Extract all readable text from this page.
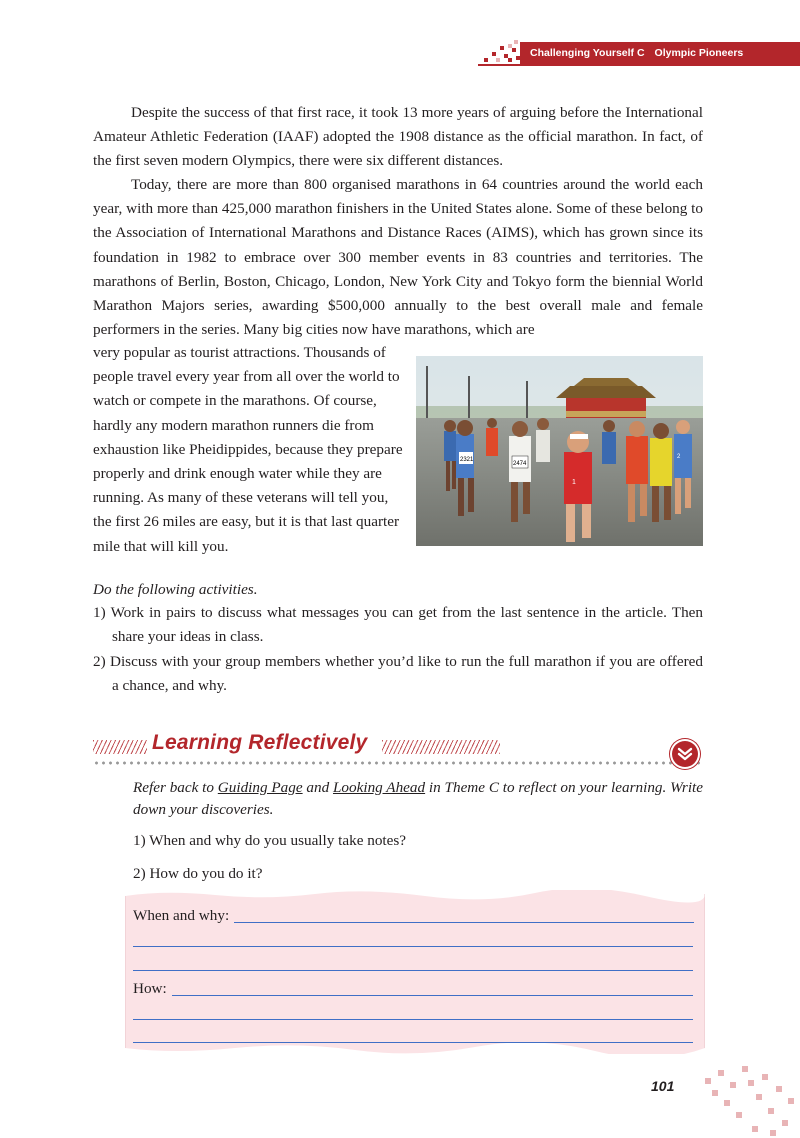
Challenging Yourself C Olympic Pioneers

Despite the success of that first race, it took 13 more years of arguing before the International Amateur Athletic Federation (IAAF) adopted the 1908 distance as the official marathon. In fact, of the first seven modern Olympics, there were six different distances.

Today, there are more than 800 organised marathons in 64 countries around the world each year, with more than 425,000 marathon finishers in the United States alone. Some of these belong to the Association of International Marathons and Distance Races (AIMS), which has grown since its foundation in 1982 to embrace over 300 member events in 83 countries and territories. The marathons of Berlin, Boston, Chicago, London, New York City and Tokyo form the biennial World Marathon Majors series, awarding $500,000 annually to the best overall male and female performers in the series. Many big cities now have marathons, which are

very popular as tourist attractions. Thousands of people travel every year from all over the world to watch or compete in the marathons. Of course, hardly any modern marathon runners die from exhaustion like Pheidippides, because they prepare properly and drink enough water while they are running. As many of these veterans will tell you, the first 26 miles are easy, but it is that last quarter mile that will kill you.

2321
2474
1
2
Do the following activities.

1) Work in pairs to discuss what messages you can get from the last sentence in the article. Then share your ideas in class.

2) Discuss with your group members whether you’d like to run the full marathon if you are offered a chance, and why.

Learning Reflectively

Refer back to Guiding Page and Looking Ahead in Theme C to reflect on your learning. Write down your discoveries.

1) When and why do you usually take notes?
2) How do you do it?
When and why:
How:
101
